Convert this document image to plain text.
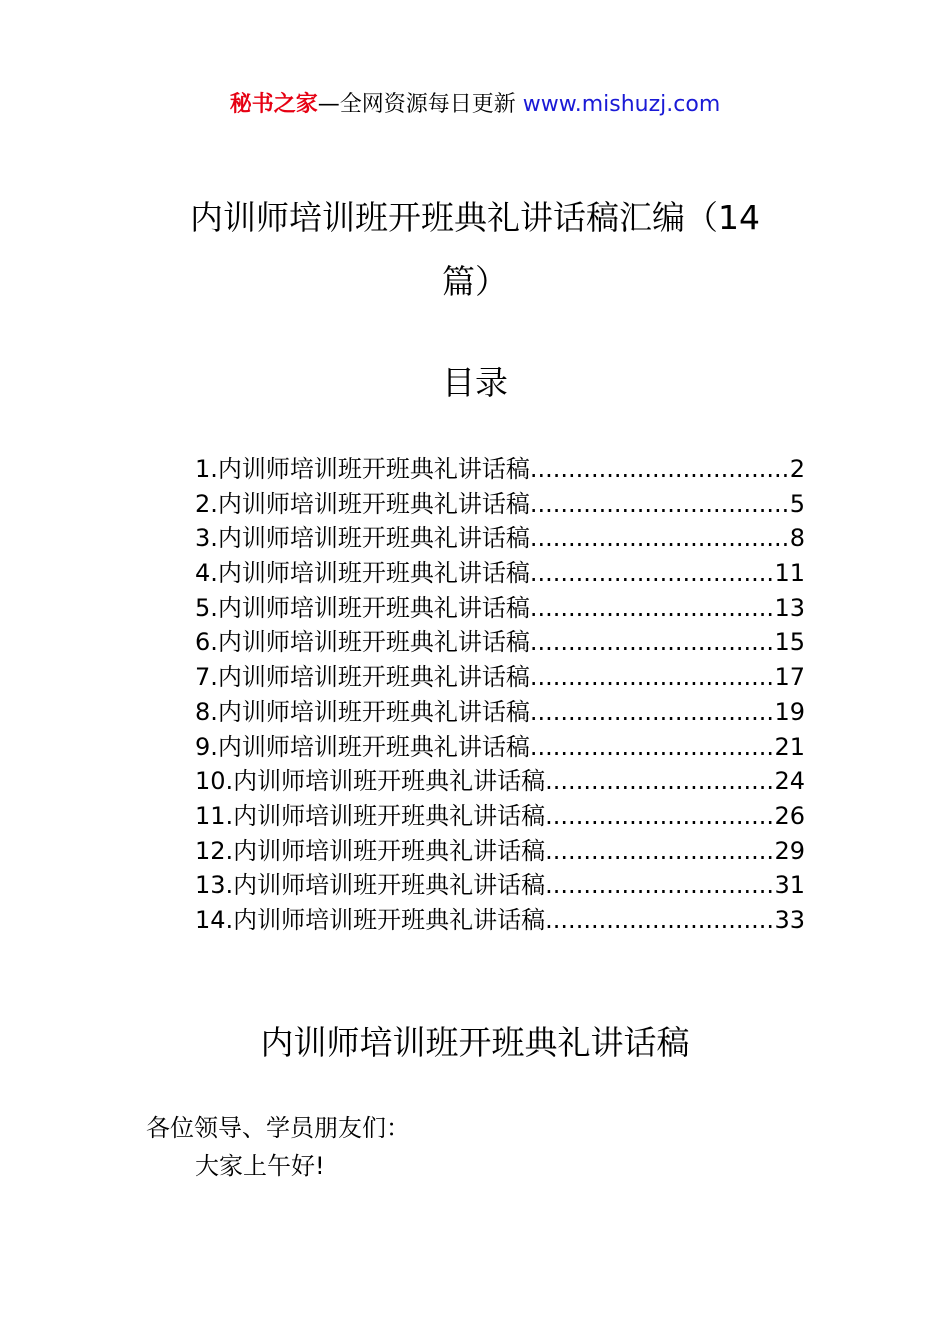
秘书之家—全网资源每日更新 www.mishuzj.com
内训师培训班开班典礼讲话稿汇编（14
篇）
目录
1.内训师培训班开班典礼讲话稿 .....	2
2.内训师培训班开班典礼讲话稿 .....	5
3.内训师培训班开班典礼讲话稿 .....	8
4.内训师培训班开班典礼讲话稿 .....	11
5.内训师培训班开班典礼讲话稿 .....	13
6.内训师培训班开班典礼讲话稿 .....	15
7.内训师培训班开班典礼讲话稿 .....	17
8.内训师培训班开班典礼讲话稿 .....	19
9.内训师培训班开班典礼讲话稿 .....	21
10.内训师培训班开班典礼讲话稿 .....	24
11.内训师培训班开班典礼讲话稿 .....	26
12.内训师培训班开班典礼讲话稿 .....	29
13.内训师培训班开班典礼讲话稿 .....	31
14.内训师培训班开班典礼讲话稿 .....	33
内训师培训班开班典礼讲话稿
各位领导、学员朋友们：
大家上午好!
